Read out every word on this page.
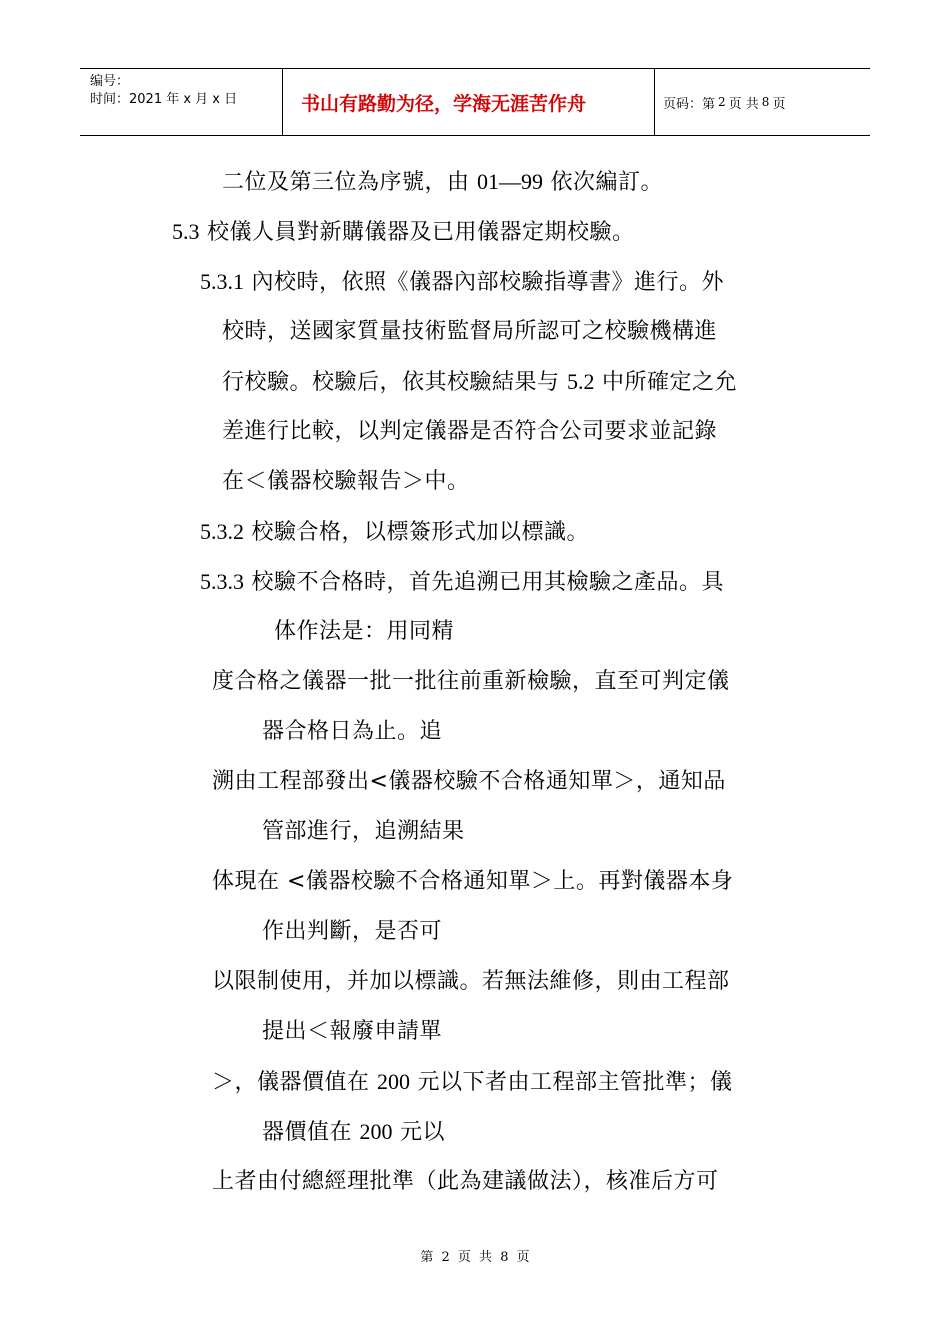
编号：
时间：2021 年 x 月 x 日	书山有路勤为径，学海无涯苦作舟	页码：第 2 页 共 8 页
二位及第三位為序號，由 01—99 依次編訂。
5.3 校儀人員對新購儀器及已用儀器定期校驗。
5.3.1 內校時，依照《儀器內部校驗指導書》進行。外
校時，送國家質量技術監督局所認可之校驗機構進
行校驗。校驗后，依其校驗結果与 5.2 中所確定之允
差進行比較，以判定儀器是否符合公司要求並記錄
在＜儀器校驗報告＞中。
5.3.2 校驗合格，以標簽形式加以標識。
5.3.3 校驗不合格時，首先追溯已用其檢驗之產品。具
体作法是：用同精
度合格之儀器一批一批往前重新檢驗，直至可判定儀
器合格日為止。追
溯由工程部發出<儀器校驗不合格通知單＞，通知品
管部進行，追溯結果
体現在 <儀器校驗不合格通知單＞上。再對儀器本身
作出判斷，是否可
以限制使用，并加以標識。若無法維修，則由工程部
提出＜報廢申請單
＞，儀器價值在 200 元以下者由工程部主管批準；儀
器價值在 200 元以
上者由付總經理批準（此為建議做法），核准后方可
第 2 页 共 8 页
